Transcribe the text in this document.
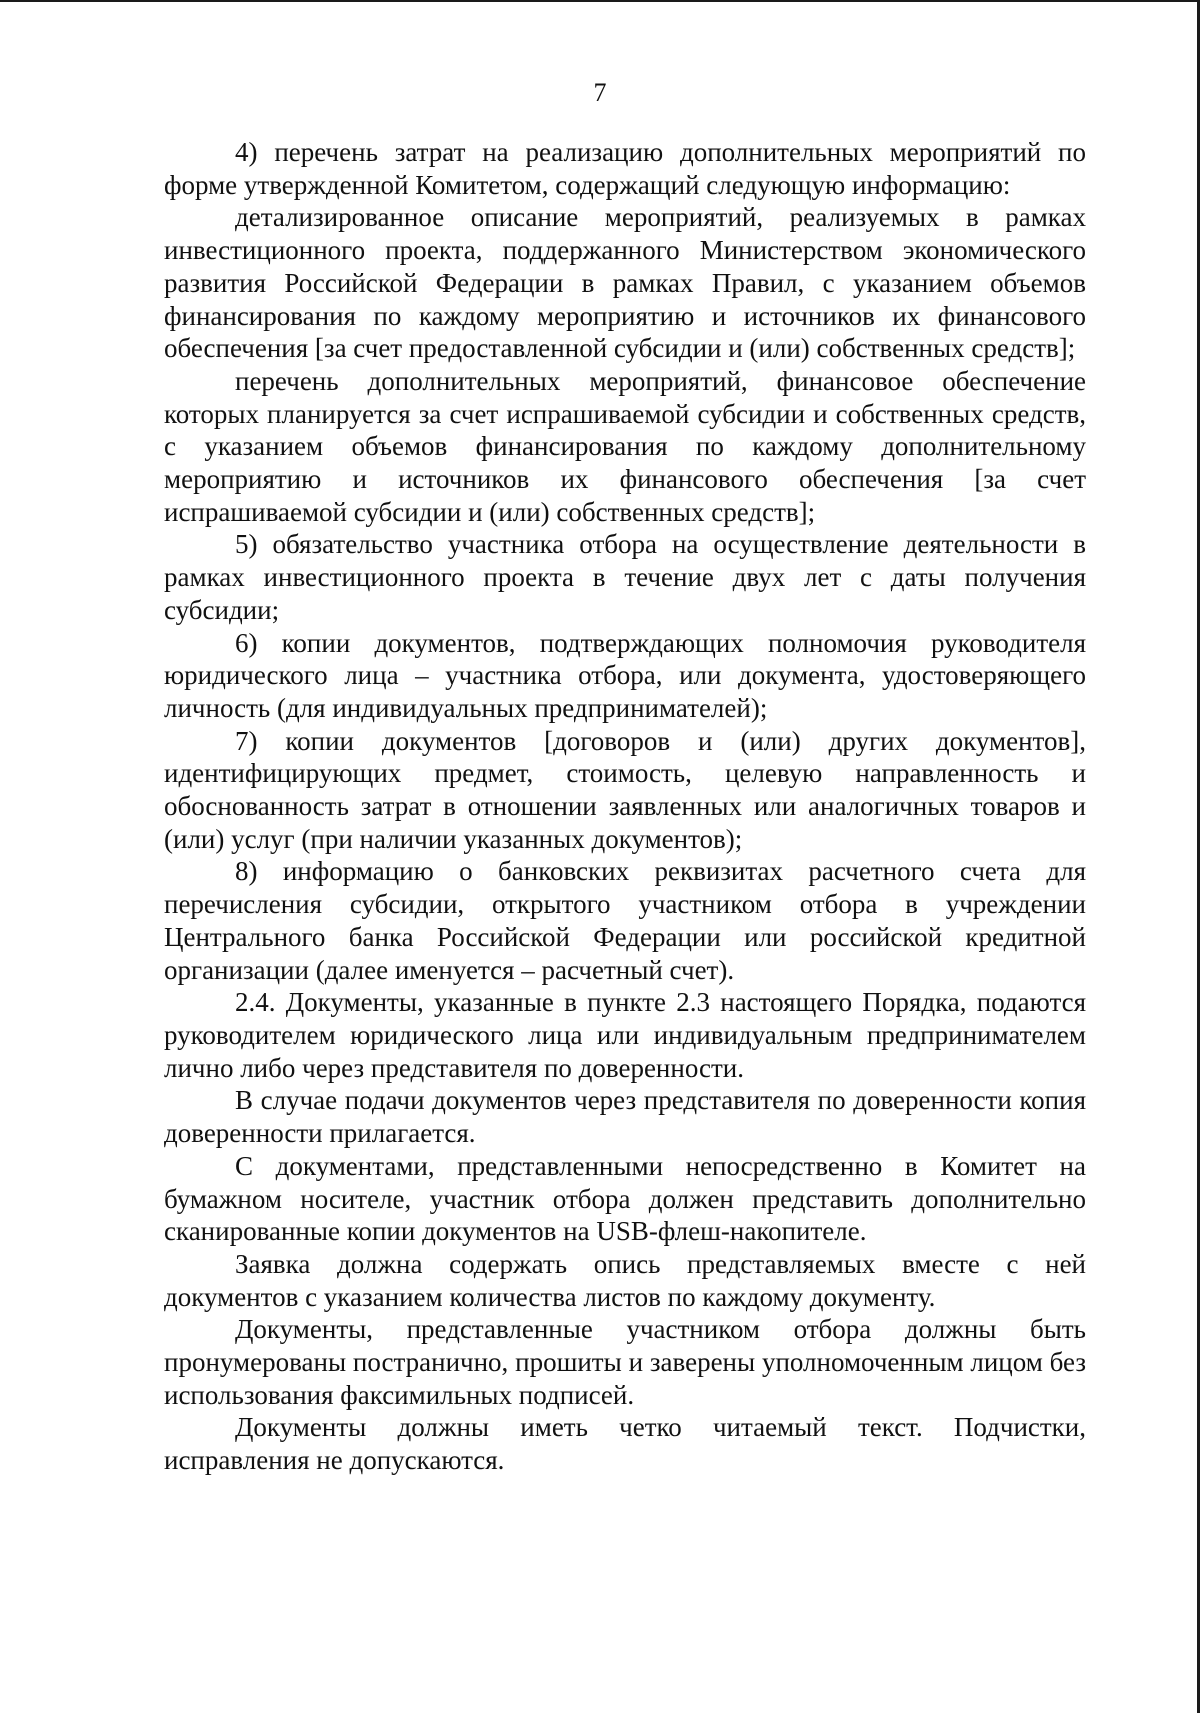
7

4) перечень затрат на реализацию дополнительных мероприятий по форме утвержденной Комитетом, содержащий следующую информацию:

детализированное описание мероприятий, реализуемых в рамках инвестиционного проекта, поддержанного Министерством экономического развития Российской Федерации в рамках Правил, с указанием объемов финансирования по каждому мероприятию и источников их финансового обеспечения [за счет предоставленной субсидии и (или) собственных средств];

перечень дополнительных мероприятий, финансовое обеспечение которых планируется за счет испрашиваемой субсидии и собственных средств, с указанием объемов финансирования по каждому дополнительному мероприятию и источников их финансового обеспечения [за счет испрашиваемой субсидии и (или) собственных средств];

5) обязательство участника отбора на осуществление деятельности в рамках инвестиционного проекта в течение двух лет с даты получения субсидии;

6) копии документов, подтверждающих полномочия руководителя юридического лица – участника отбора, или документа, удостоверяющего личность (для индивидуальных предпринимателей);

7) копии документов [договоров и (или) других документов], идентифицирующих предмет, стоимость, целевую направленность и обоснованность затрат в отношении заявленных или аналогичных товаров и (или) услуг (при наличии указанных документов);

8) информацию о банковских реквизитах расчетного счета для перечисления субсидии, открытого участником отбора в учреждении Центрального банка Российской Федерации или российской кредитной организации (далее именуется – расчетный счет).

2.4. Документы, указанные в пункте 2.3 настоящего Порядка, подаются руководителем юридического лица или индивидуальным предпринимателем лично либо через представителя по доверенности.

В случае подачи документов через представителя по доверенности копия доверенности прилагается.

С документами, представленными непосредственно в Комитет на бумажном носителе, участник отбора должен представить дополнительно сканированные копии документов на USB-флеш-накопителе.

Заявка должна содержать опись представляемых вместе с ней документов с указанием количества листов по каждому документу.

Документы, представленные участником отбора должны быть пронумерованы постранично, прошиты и заверены уполномоченным лицом без использования факсимильных подписей.

Документы должны иметь четко читаемый текст. Подчистки, исправления не допускаются.
